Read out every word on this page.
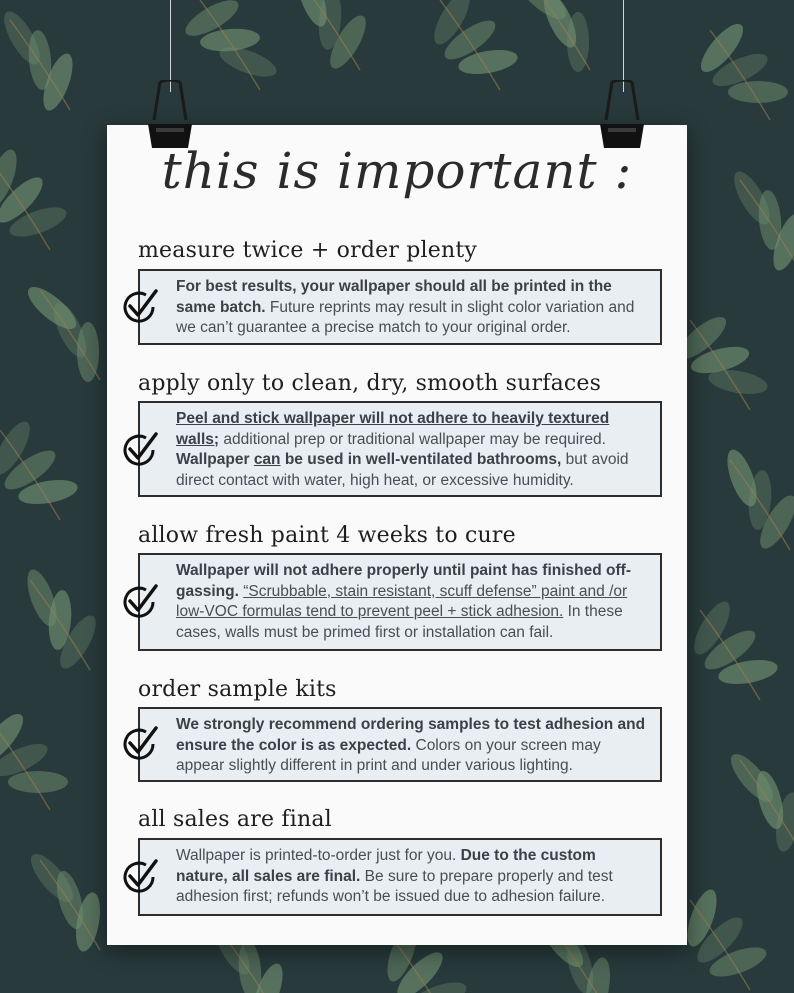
this is important :
measure twice + order plenty

For best results, your wallpaper should all be printed in the same batch. Future reprints may result in slight color variation and we can’t guarantee a precise match to your original order.

apply only to clean, dry, smooth surfaces

Peel and stick wallpaper will not adhere to heavily textured walls; additional prep or traditional wallpaper may be required. Wallpaper can be used in well-ventilated bathrooms, but avoid direct contact with water, high heat, or excessive humidity.

allow fresh paint 4 weeks to cure

Wallpaper will not adhere properly until paint has finished off-gassing. “Scrubbable, stain resistant, scuff defense” paint and /or low-VOC formulas tend to prevent peel + stick adhesion. In these cases, walls must be primed first or installation can fail.

order sample kits

We strongly recommend ordering samples to test adhesion and ensure the color is as expected. Colors on your screen may appear slightly different in print and under various lighting.

all sales are final

Wallpaper is printed-to-order just for you. Due to the custom nature, all sales are final. Be sure to prepare properly and test adhesion first; refunds won’t be issued due to adhesion failure.
